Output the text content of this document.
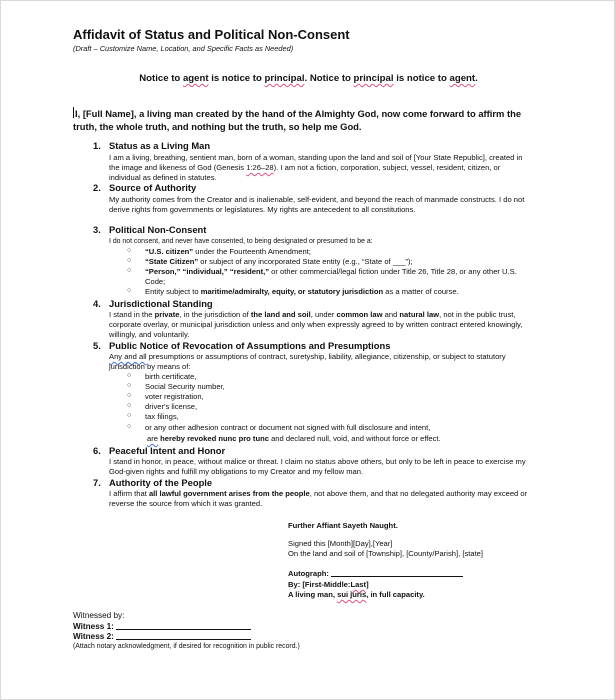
Affidavit of Status and Political Non-Consent
(Draft – Customize Name, Location, and Specific Facts as Needed)
Notice to agent is notice to principal. Notice to principal is notice to agent.
I, [Full Name], a living man created by the hand of the Almighty God, now come forward to affirm the truth, the whole truth, and nothing but the truth, so help me God.
1. Status as a Living Man
I am a living, breathing, sentient man, born of a woman, standing upon the land and soil of [Your State Republic], created in the image and likeness of God (Genesis 1:26–28). I am not a fiction, corporation, subject, vessel, resident, citizen, or individual as defined in statutes.
2. Source of Authority
My authority comes from the Creator and is inalienable, self-evident, and beyond the reach of manmade constructs. I do not derive rights from governments or legislatures. My rights are antecedent to all constitutions.
3. Political Non-Consent
I do not consent, and never have consented, to being designated or presumed to be a:
○ “U.S. citizen” under the Fourteenth Amendment;
○ “State Citizen” or subject of any incorporated State entity (e.g., “State of ___”);
○ “Person,” “individual,” “resident,” or other commercial/legal fiction under Title 26, Title 28, or any other U.S. Code;
○ Entity subject to maritime/admiralty, equity, or statutory jurisdiction as a matter of course.
4. Jurisdictional Standing
I stand in the private, in the jurisdiction of the land and soil, under common law and natural law, not in the public trust, corporate overlay, or municipal jurisdiction unless and only when expressly agreed to by written contract entered knowingly, willingly, and voluntarily.
5. Public Notice of Revocation of Assumptions and Presumptions
Any and all presumptions or assumptions of contract, suretyship, liability, allegiance, citizenship, or subject to statutory jurisdiction by means of:
○ birth certificate,
○ Social Security number,
○ voter registration,
○ driver's license,
○ tax filings,
○ or any other adhesion contract or document not signed with full disclosure and intent,
are hereby revoked nunc pro tunc and declared null, void, and without force or effect.
6. Peaceful Intent and Honor
I stand in honor, in peace, without malice or threat. I claim no status above others, but only to be left in peace to exercise my God-given rights and fulfill my obligations to my Creator and my fellow man.
7. Authority of the People
I affirm that all lawful government arises from the people, not above them, and that no delegated authority may exceed or reverse the source from which it was granted.
Further Affiant Sayeth Naught.
Signed this [Month][Day],[Year]
On the land and soil of [Township], [County/Parish], [state]
Autograph:
By: [First-Middle:Last]
A living man, sui juris, in full capacity.
Witnessed by:
Witness 1:
Witness 2:
(Attach notary acknowledgment, if desired for recognition in public record.)
